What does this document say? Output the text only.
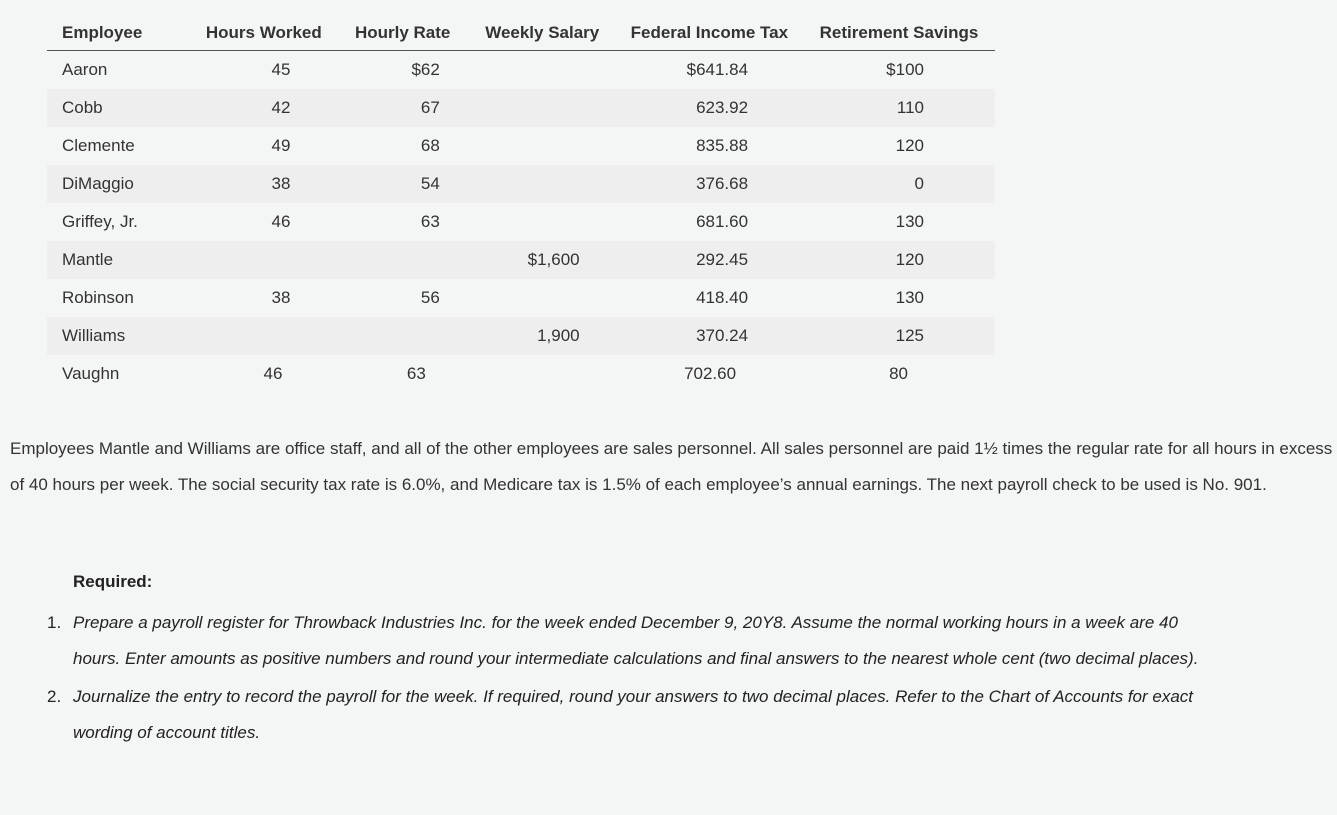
Employee	Hours Worked	Hourly Rate	Weekly Salary	Federal Income Tax	Retirement Savings
Aaron	45	$62		$641.84	$100
Cobb	42	67		623.92	110
Clemente	49	68		835.88	120
DiMaggio	38	54		376.68	0
Griffey, Jr.	46	63		681.60	130
Mantle			$1,600	292.45	120
Robinson	38	56		418.40	130
Williams			1,900	370.24	125
Vaughn	46	63		702.60	80

Employees Mantle and Williams are office staff, and all of the other employees are sales personnel. All sales personnel are paid 1½ times the regular rate for all hours in excess of 40 hours per week. The social security tax rate is 6.0%, and Medicare tax is 1.5% of each employee’s annual earnings. The next payroll check to be used is No. 901.

Required:

1. Prepare a payroll register for Throwback Industries Inc. for the week ended December 9, 20Y8. Assume the normal working hours in a week are 40 hours. Enter amounts as positive numbers and round your intermediate calculations and final answers to the nearest whole cent (two decimal places).
2. Journalize the entry to record the payroll for the week. If required, round your answers to two decimal places. Refer to the Chart of Accounts for exact wording of account titles.
